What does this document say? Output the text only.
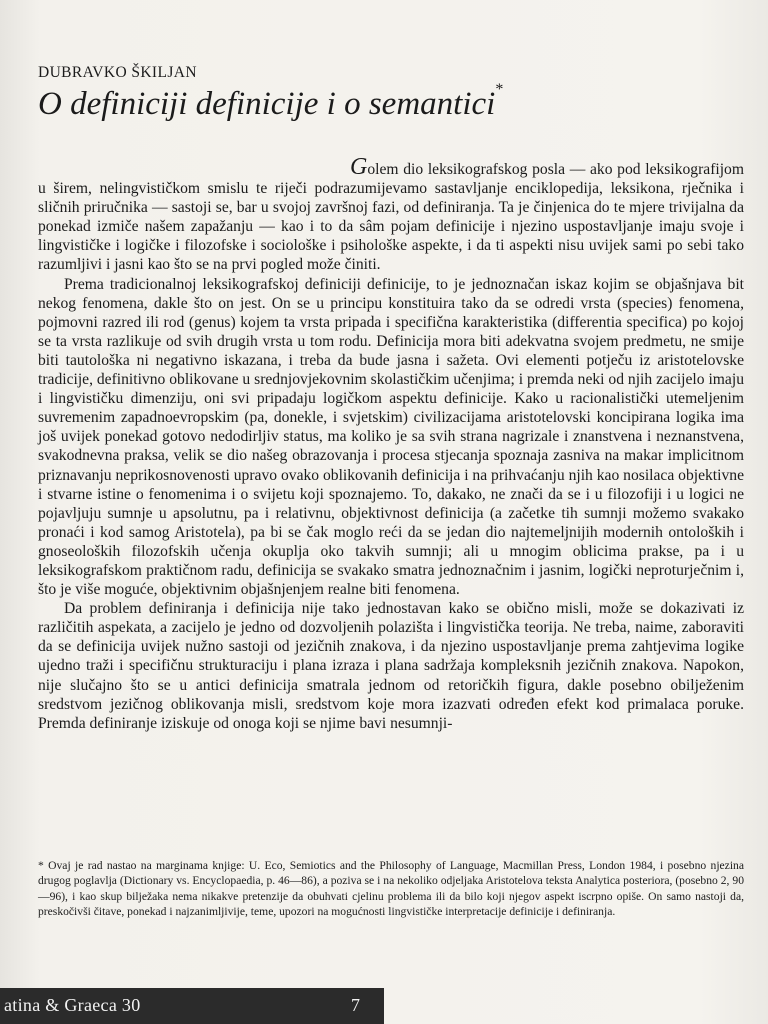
DUBRAVKO ŠKILJAN
O definiciji definicije i o semantici*

Golem dio leksikografskog posla — ako pod leksikografijom u širem, nelingvističkom smislu te riječi podrazumijevamo sastavljanje enciklopedija, leksikona, rječnika i sličnih priručnika — sastoji se, bar u svojoj završnoj fazi, od definiranja. Ta je činjenica do te mjere trivijalna da ponekad izmiče našem zapažanju — kao i to da sâm pojam definicije i njezino uspostavljanje imaju svoje i lingvističke i logičke i filozofske i sociološke i psihološke aspekte, i da ti aspekti nisu uvijek sami po sebi tako razumljivi i jasni kao što se na prvi pogled može činiti.

Prema tradicionalnoj leksikografskoj definiciji definicije, to je jednoznačan iskaz kojim se objašnjava bit nekog fenomena, dakle što on jest. On se u principu konstituira tako da se odredi vrsta (species) fenomena, pojmovni razred ili rod (genus) kojem ta vrsta pripada i specifična karakteristika (differentia specifica) po kojoj se ta vrsta razlikuje od svih drugih vrsta u tom rodu. Definicija mora biti adekvatna svojem predmetu, ne smije biti tautološka ni negativno iskazana, i treba da bude jasna i sažeta. Ovi elementi potječu iz aristotelovske tradicije, definitivno oblikovane u srednjovjekovnim skolastičkim učenjima; i premda neki od njih zacijelo imaju i lingvističku dimenziju, oni svi pripadaju logičkom aspektu definicije. Kako u racionalistički utemeljenim suvremenim zapadnoevropskim (pa, donekle, i svjetskim) civilizacijama aristotelovski koncipirana logika ima još uvijek ponekad gotovo nedodirljiv status, ma koliko je sa svih strana nagrizale i znanstvena i neznanstvena, svakodnevna praksa, velik se dio našeg obrazovanja i procesa stjecanja spoznaja zasniva na makar implicitnom priznavanju neprikosnovenosti upravo ovako oblikovanih definicija i na prihvaćanju njih kao nosilaca objektivne i stvarne istine o fenomenima i o svijetu koji spoznajemo. To, dakako, ne znači da se i u filozofiji i u logici ne pojavljuju sumnje u apsolutnu, pa i relativnu, objektivnost definicija (a začetke tih sumnji možemo svakako pronaći i kod samog Aristotela), pa bi se čak moglo reći da se jedan dio najtemeljnijih modernih ontoloških i gnoseoloških filozofskih učenja okuplja oko takvih sumnji; ali u mnogim oblicima prakse, pa i u leksikografskom praktičnom radu, definicija se svakako smatra jednoznačnim i jasnim, logički neproturječnim i, što je više moguće, objektivnim objašnjenjem realne biti fenomena.

Da problem definiranja i definicija nije tako jednostavan kako se obično misli, može se dokazivati iz različitih aspekata, a zacijelo je jedno od dozvoljenih polazišta i lingvistička teorija. Ne treba, naime, zaboraviti da se definicija uvijek nužno sastoji od jezičnih znakova, i da njezino uspostavljanje prema zahtjevima logike ujedno traži i specifičnu strukturaciju i plana izraza i plana sadržaja kompleksnih jezičnih znakova. Napokon, nije slučajno što se u antici definicija smatrala jednom od retoričkih figura, dakle posebno obilježenim sredstvom jezičnog oblikovanja misli, sredstvom koje mora izazvati određen efekt kod primalaca poruke. Premda definiranje iziskuje od onoga koji se njime bavi nesumnji-

* Ovaj je rad nastao na marginama knjige: U. Eco, Semiotics and the Philosophy of Language, Macmillan Press, London 1984, i posebno njezina drugog poglavlja (Dictionary vs. Encyclopaedia, p. 46—86), a poziva se i na nekoliko odjeljaka Aristotelova teksta Analytica posteriora, (posebno 2, 90—96), i kao skup bilježaka nema nikakve pretenzije da obuhvati cjelinu problema ili da bilo koji njegov aspekt iscrpno opiše. On samo nastoji da, preskočivši čitave, ponekad i najzanimljivije, teme, upozori na mogućnosti lingvističke interpretacije definicije i definiranja.

atina & Graeca 30	7
